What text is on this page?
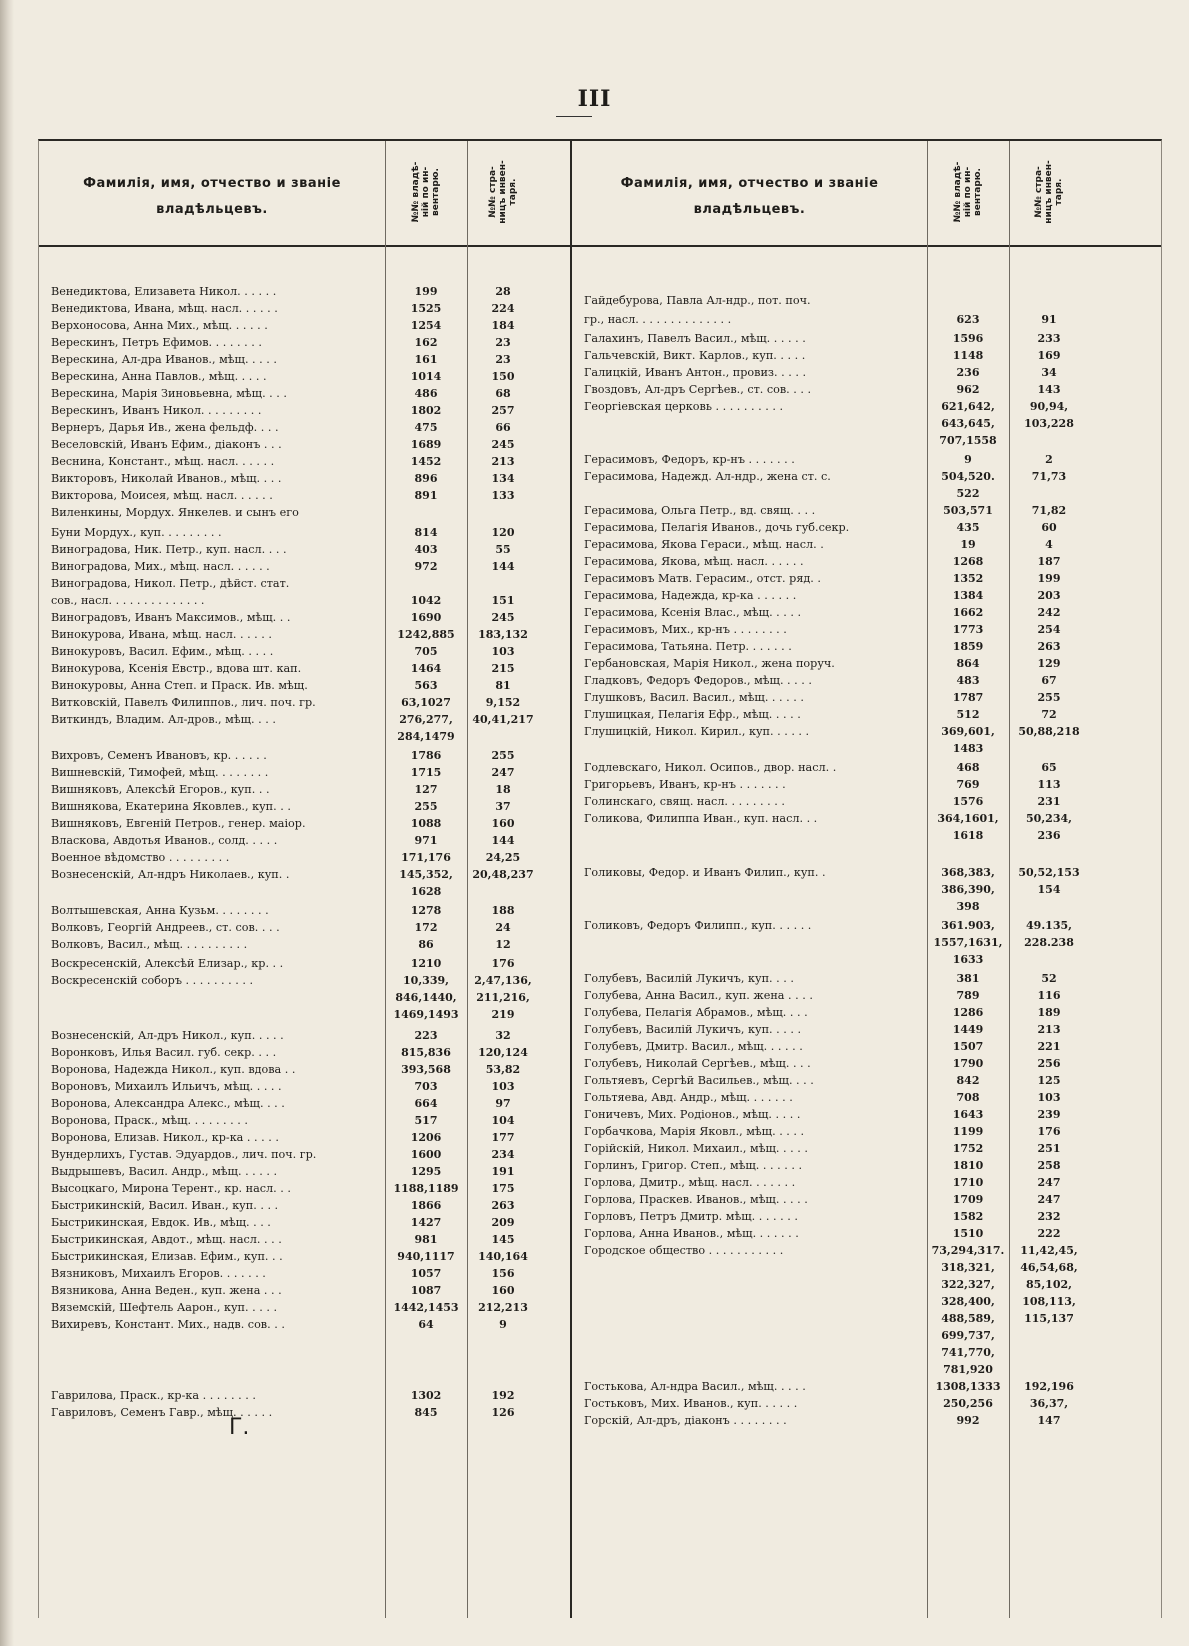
III
Фамилія, имя, отчество и званіе
владѣльцевъ.	№№ владѣ-
ній по ин-
вентарю.	№№ стра-
ницъ инвен-
таря.
Венедиктова, Елизавета Никол. . . . . .	199	28
Венедиктова, Ивана, мѣщ. насл. . . . . .	1525	224
Верхоносова, Анна Мих., мѣщ. . . . . .	1254	184
Верескинъ, Петръ Ефимов. . . . . . . .	162	23
Верескина, Ал-дра Иванов., мѣщ. . . . .	161	23
Верескина, Анна Павлов., мѣщ. . . . .	1014	150
Верескина, Марія Зиновьевна, мѣщ. . . .	486	68
Верескинъ, Иванъ Никол. . . . . . . . .	1802	257
Вернеръ, Дарья Ив., жена фельдф. . . .	475	66
Веселовскій, Иванъ Ефим., діаконъ . . .	1689	245
Веснина, Констант., мѣщ. насл. . . . . .	1452	213
Викторовъ, Николай Иванов., мѣщ. . . .	896	134
Викторова, Моисея, мѣщ. насл. . . . . .	891	133
Виленкины, Мордух. Янкелев. и сынъ его
Буни Мордух., куп. . . . . . . . .	814	120
Виноградова, Ник. Петр., куп. насл. . . .	403	55
Виноградова, Мих., мѣщ. насл. . . . . .	972	144
Виноградова, Никол. Петр., дѣйст. стат.
сов., насл. . . . . . . . . . . . . .	1042	151
Виноградовъ, Иванъ Максимов., мѣщ. . .	1690	245
Винокурова, Ивана, мѣщ. насл. . . . . .	1242,885	183,132
Винокуровъ, Васил. Ефим., мѣщ. . . . .	705	103
Винокурова, Ксенія Евстр., вдова шт. кап.	1464	215
Винокуровы, Анна Степ. и Праск. Ив. мѣщ.	563	81
Витковскій, Павелъ Филиппов., лич. поч. гр.	63,1027	9,152
Виткиндъ, Владим. Ал-дров., мѣщ. . . .	276,277,	40,41,217
284,1479
Вихровъ, Семенъ Ивановъ, кр. . . . . .	1786	255
Вишневскій, Тимофей, мѣщ. . . . . . . .	1715	247
Вишняковъ, Алексѣй Егоров., куп. . .	127	18
Вишнякова, Екатерина Яковлев., куп. . .	255	37
Вишняковъ, Евгеній Петров., генер. маіор.	1088	160
Власкова, Авдотья Иванов., солд. . . . .	971	144
Военное вѣдомство . . . . . . . . .	171,176	24,25
Вознесенскій, Ал-ндръ Николаев., куп. .	145,352,	20,48,237
1628
Волтышевская, Анна Кузьм. . . . . . . .	1278	188
Волковъ, Георгій Андреев., ст. сов. . . .	172	24
Волковъ, Васил., мѣщ. . . . . . . . . .	86	12
Воскресенскій, Алексѣй Елизар., кр. . .	1210	176
Воскресенскій соборъ . . . . . . . . . .	10,339,	2,47,136,
846,1440,	211,216,
1469,1493	219
Вознесенскій, Ал-дръ Никол., куп. . . . .	223	32
Воронковъ, Илья Васил. губ. секр. . . .	815,836	120,124
Воронова, Надежда Никол., куп. вдова . .	393,568	53,82
Вороновъ, Михаилъ Ильичъ, мѣщ. . . . .	703	103
Воронова, Александра Алекс., мѣщ. . . .	664	97
Воронова, Праск., мѣщ. . . . . . . . .	517	104
Воронова, Елизав. Никол., кр-ка . . . . .	1206	177
Вундерлихъ, Густав. Эдуардов., лич. поч. гр.	1600	234
Выдрышевъ, Васил. Андр., мѣщ. . . . . .	1295	191
Высоцкаго, Мирона Терент., кр. насл. . .	1188,1189	175
Быстрикинскій, Васил. Иван., куп. . . .	1866	263
Быстрикинская, Евдок. Ив., мѣщ. . . .	1427	209
Быстрикинская, Авдот., мѣщ. насл. . . .	981	145
Быстрикинская, Елизав. Ефим., куп. . .	940,1117	140,164
Вязниковъ, Михаилъ Егоров. . . . . . .	1057	156
Вязникова, Анна Веден., куп. жена . . .	1087	160
Вяземскій, Шефтель Аарон., куп. . . . .	1442,1453	212,213
Вихиревъ, Констант. Мих., надв. сов. . .	64	9
Гаврилова, Праск., кр-ка . . . . . . . .	1302	192
Гавриловъ, Семенъ Гавр., мѣщ. . . . . .	845	126
Г.
Фамилія, имя, отчество и званіе
владѣльцевъ.	№№ владѣ-
ній по ин-
вентарю.	№№ стра-
ницъ инвен-
таря.
Гайдебурова, Павла Ал-ндр., пот. поч.
гр., насл. . . . . . . . . . . . . .	623	91
Галахинъ, Павелъ Васил., мѣщ. . . . . .	1596	233
Гальчевскій, Викт. Карлов., куп. . . . .	1148	169
Галицкій, Иванъ Антон., провиз. . . . .	236	34
Гвоздовъ, Ал-дръ Сергѣев., ст. сов. . . .	962	143
Георгіевская церковь . . . . . . . . . .	621,642,	90,94,
643,645,	103,228
707,1558
Герасимовъ, Федоръ, кр-нъ . . . . . . .	9	2
Герасимова, Надежд. Ал-ндр., жена ст. с.	504,520.	71,73
522
Герасимова, Ольга Петр., вд. свящ. . . .	503,571	71,82
Герасимова, Пелагія Иванов., дочь губ.секр.	435	60
Герасимова, Якова Гераси., мѣщ. насл. .	19	4
Герасимова, Якова, мѣщ. насл. . . . . .	1268	187
Герасимовъ Матв. Герасим., отст. ряд. .	1352	199
Герасимова, Надежда, кр-ка . . . . . .	1384	203
Герасимова, Ксенія Влас., мѣщ. . . . .	1662	242
Герасимовъ, Мих., кр-нъ . . . . . . . .	1773	254
Герасимова, Татьяна. Петр. . . . . . .	1859	263
Гербановская, Марія Никол., жена поруч.	864	129
Гладковъ, Федоръ Федоров., мѣщ. . . . .	483	67
Глушковъ, Васил. Васил., мѣщ. . . . . .	1787	255
Глушицкая, Пелагія Ефр., мѣщ. . . . .	512	72
Глушицкій, Никол. Кирил., куп. . . . . .	369,601,	50,88,218
1483
Годлевскаго, Никол. Осипов., двор. насл. .	468	65
Григорьевъ, Иванъ, кр-нъ . . . . . . .	769	113
Голинскаго, свящ. насл. . . . . . . . .	1576	231
Голикова, Филиппа Иван., куп. насл. . .	364,1601,	50,234,
1618	236
Голиковы, Федор. и Иванъ Филип., куп. .	368,383,	50,52,153
386,390,	154
398
Голиковъ, Федоръ Филипп., куп. . . . . .	361.903,	49.135,
1557,1631,	228.238
1633
Голубевъ, Василій Лукичъ, куп. . . .	381	52
Голубева, Анна Васил., куп. жена . . . .	789	116
Голубева, Пелагія Абрамов., мѣщ. . . .	1286	189
Голубевъ, Василій Лукичъ, куп. . . . .	1449	213
Голубевъ, Дмитр. Васил., мѣщ. . . . . .	1507	221
Голубевъ, Николай Сергѣев., мѣщ. . . .	1790	256
Гольтяевъ, Сергѣй Васильев., мѣщ. . . .	842	125
Гольтяева, Авд. Андр., мѣщ. . . . . . .	708	103
Гоничевъ, Мих. Родіонов., мѣщ. . . . .	1643	239
Горбачкова, Марія Яковл., мѣщ. . . . .	1199	176
Горійскій, Никол. Михаил., мѣщ. . . . .	1752	251
Горлинъ, Григор. Степ., мѣщ. . . . . . .	1810	258
Горлова, Дмитр., мѣщ. насл. . . . . . .	1710	247
Горлова, Праскев. Иванов., мѣщ. . . . .	1709	247
Горловъ, Петръ Дмитр. мѣщ. . . . . . .	1582	232
Горлова, Анна Иванов., мѣщ. . . . . . .	1510	222
Городское общество . . . . . . . . . . .	73,294,317.	11,42,45,
318,321,	46,54,68,
322,327,	85,102,
328,400,	108,113,
488,589,	115,137
699,737,
741,770,
781,920
Гостькова, Ал-ндра Васил., мѣщ. . . . .	1308,1333	192,196
Гостьковъ, Мих. Иванов., куп. . . . . .	250,256	36,37,
Горскій, Ал-дръ, діаконъ . . . . . . . .	992	147
